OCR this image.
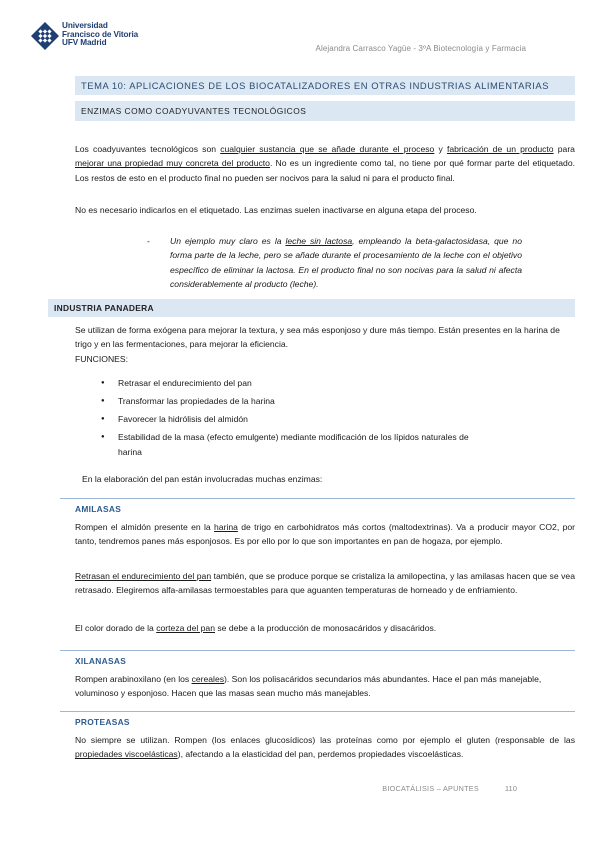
Universidad
Francisco de Vitoria
UFV Madrid
Alejandra Carrasco Yagüe - 3ºA Biotecnología y Farmacia
TEMA 10: APLICACIONES DE LOS BIOCATALIZADORES EN OTRAS INDUSTRIAS ALIMENTARIAS
ENZIMAS COMO COADYUVANTES TECNOLÓGICOS
Los coadyuvantes tecnológicos son cualquier sustancia que se añade durante el proceso y fabricación de un producto para mejorar una propiedad muy concreta del producto. No es un ingrediente como tal, no tiene por qué formar parte del etiquetado. Los restos de esto en el producto final no pueden ser nocivos para la salud ni para el producto final.
No es necesario indicarlos en el etiquetado. Las enzimas suelen inactivarse en alguna etapa del proceso.
- Un ejemplo muy claro es la leche sin lactosa, empleando la beta-galactosidasa, que no forma parte de la leche, pero se añade durante el procesamiento de la leche con el objetivo específico de eliminar la lactosa. En el producto final no son nocivas para la salud ni afecta considerablemente al producto (leche).
INDUSTRIA PANADERA
Se utilizan de forma exógena para mejorar la textura, y sea más esponjoso y dure más tiempo. Están presentes en la harina de trigo y en las fermentaciones, para mejorar la eficiencia.
FUNCIONES:
● Retrasar el endurecimiento del pan
● Transformar las propiedades de la harina
● Favorecer la hidrólisis del almidón
● Estabilidad de la masa (efecto emulgente) mediante modificación de los lípidos naturales de
harina
En la elaboración del pan están involucradas muchas enzimas:
AMILASAS
Rompen el almidón presente en la harina de trigo en carbohidratos más cortos (maltodextrinas). Va a producir mayor CO2, por tanto, tendremos panes más esponjosos. Es por ello por lo que son importantes en pan de hogaza, por ejemplo.
Retrasan el endurecimiento del pan también, que se produce porque se cristaliza la amilopectina, y las amilasas hacen que se vea retrasado. Elegiremos alfa-amilasas termoestables para que aguanten temperaturas de horneado y de enfriamiento.
El color dorado de la corteza del pan se debe a la producción de monosacáridos y disacáridos.
XILANASAS
Rompen arabinoxilano (en los cereales). Son los polisacáridos secundarios más abundantes. Hace el pan más manejable, voluminoso y esponjoso. Hacen que las masas sean mucho más manejables.
PROTEASAS
No siempre se utilizan. Rompen (los enlaces glucosídicos) las proteínas como por ejemplo el gluten (responsable de las propiedades viscoelásticas), afectando a la elasticidad del pan, perdemos propiedades viscoelásticas.
BIOCATÁLISIS – APUNTES	110
